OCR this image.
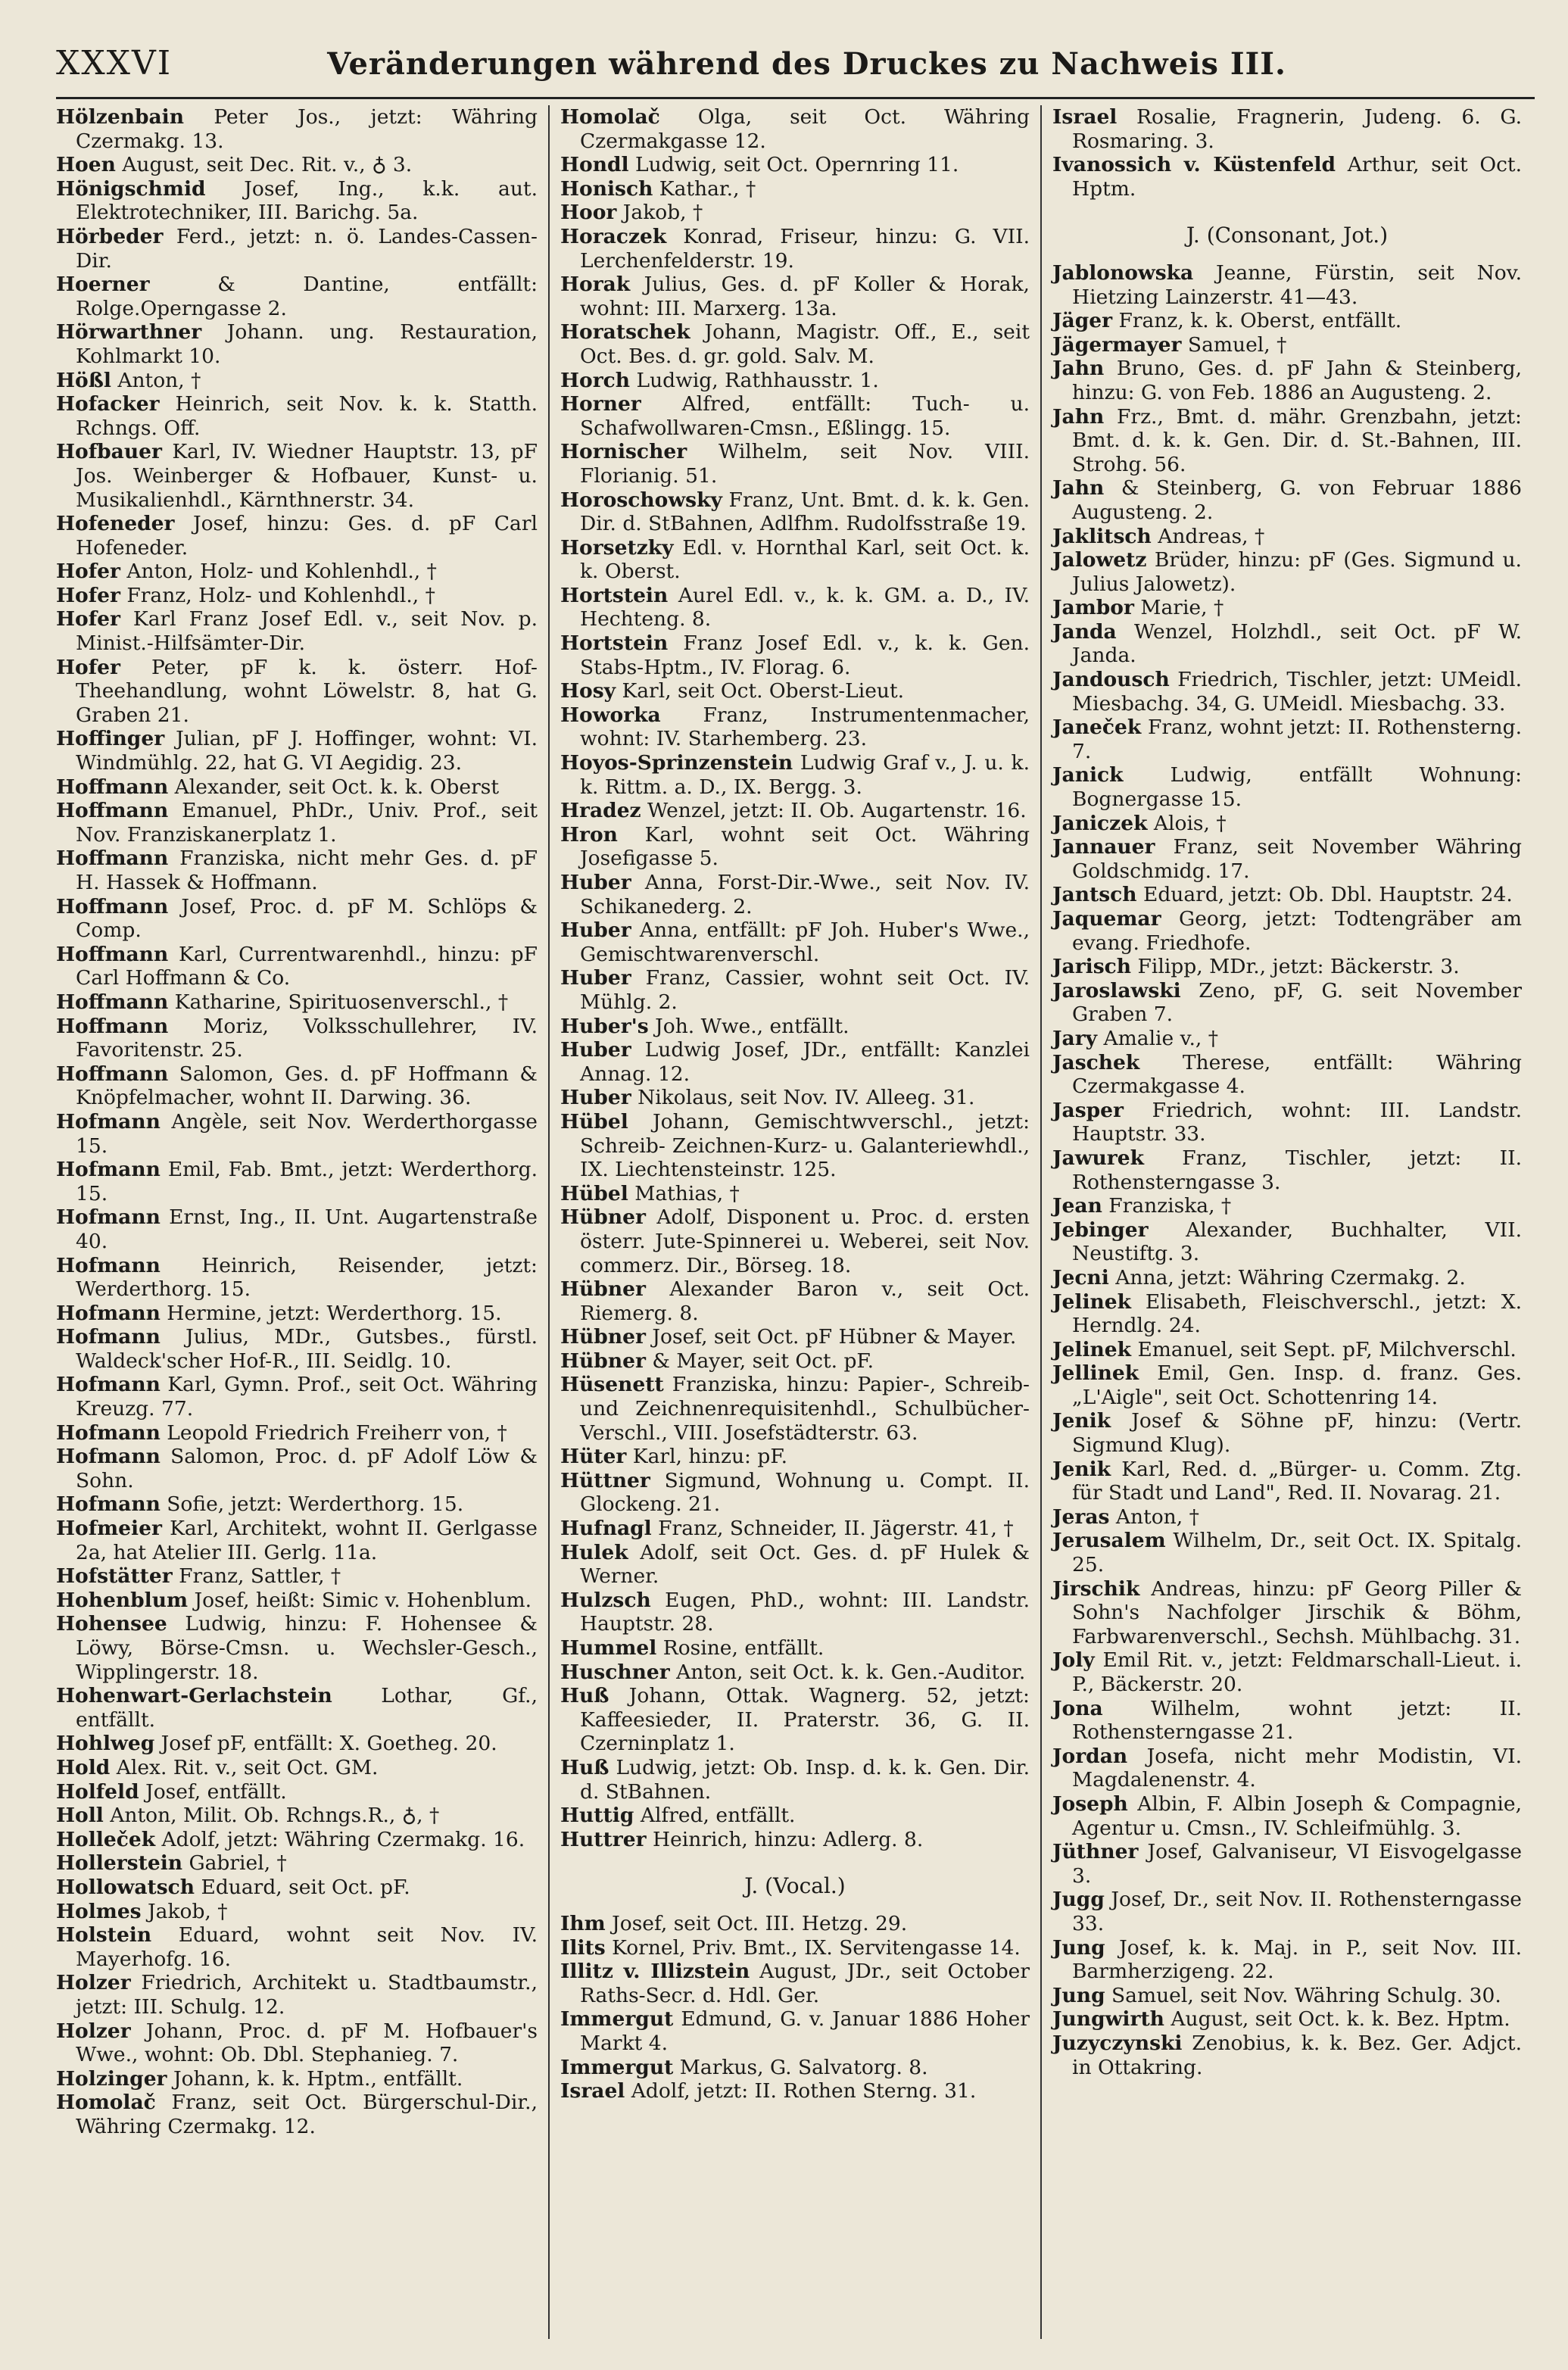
XXXVI	Veränderungen während des Druckes zu Nachweis III.

Hölzenbain Peter Jos., jetzt: Währing Czermakg. 13.

Hoen August, seit Dec. Rit. v., ♁ 3.

Hönigschmid Josef, Ing., k.k. aut. Elektrotechniker, III. Barichg. 5a.

Hörbeder Ferd., jetzt: n. ö. Landes-Cassen-Dir.

Hoerner & Dantine, entfällt: Rolge.Operngasse 2.

Hörwarthner Johann. ung. Restauration, Kohlmarkt 10.

Hößl Anton, †

Hofacker Heinrich, seit Nov. k. k. Statth. Rchngs. Off.

Hofbauer Karl, IV. Wiedner Hauptstr. 13, pF Jos. Weinberger & Hofbauer, Kunst- u. Musikalienhdl., Kärnthnerstr. 34.

Hofeneder Josef, hinzu: Ges. d. pF Carl Hofeneder.

Hofer Anton, Holz- und Kohlenhdl., †

Hofer Franz, Holz- und Kohlenhdl., †

Hofer Karl Franz Josef Edl. v., seit Nov. p. Minist.-Hilfsämter-Dir.

Hofer Peter, pF k. k. österr. Hof-Theehandlung, wohnt Löwelstr. 8, hat G. Graben 21.

Hoffinger Julian, pF J. Hoffinger, wohnt: VI. Windmühlg. 22, hat G. VI Aegidig. 23.

Hoffmann Alexander, seit Oct. k. k. Oberst

Hoffmann Emanuel, PhDr., Univ. Prof., seit Nov. Franziskanerplatz 1.

Hoffmann Franziska, nicht mehr Ges. d. pF H. Hassek & Hoffmann.

Hoffmann Josef, Proc. d. pF M. Schlöps & Comp.

Hoffmann Karl, Currentwarenhdl., hinzu: pF Carl Hoffmann & Co.

Hoffmann Katharine, Spirituosenverschl., †

Hoffmann Moriz, Volksschullehrer, IV. Favoritenstr. 25.

Hoffmann Salomon, Ges. d. pF Hoffmann & Knöpfelmacher, wohnt II. Darwing. 36.

Hofmann Angèle, seit Nov. Werderthorgasse 15.

Hofmann Emil, Fab. Bmt., jetzt: Werderthorg. 15.

Hofmann Ernst, Ing., II. Unt. Augartenstraße 40.

Hofmann Heinrich, Reisender, jetzt: Werderthorg. 15.

Hofmann Hermine, jetzt: Werderthorg. 15.

Hofmann Julius, MDr., Gutsbes., fürstl. Waldeck'scher Hof-R., III. Seidlg. 10.

Hofmann Karl, Gymn. Prof., seit Oct. Währing Kreuzg. 77.

Hofmann Leopold Friedrich Freiherr von, †

Hofmann Salomon, Proc. d. pF Adolf Löw & Sohn.

Hofmann Sofie, jetzt: Werderthorg. 15.

Hofmeier Karl, Architekt, wohnt II. Gerlgasse 2a, hat Atelier III. Gerlg. 11a.

Hofstätter Franz, Sattler, †

Hohenblum Josef, heißt: Simic v. Hohenblum.

Hohensee Ludwig, hinzu: F. Hohensee & Löwy, Börse-Cmsn. u. Wechsler-Gesch., Wipplingerstr. 18.

Hohenwart-Gerlachstein Lothar, Gf., entfällt.

Hohlweg Josef pF, entfällt: X. Goetheg. 20.

Hold Alex. Rit. v., seit Oct. GM.

Holfeld Josef, entfällt.

Holl Anton, Milit. Ob. Rchngs.R., ♁, †

Holleček Adolf, jetzt: Währing Czermakg. 16.

Hollerstein Gabriel, †

Hollowatsch Eduard, seit Oct. pF.

Holmes Jakob, †

Holstein Eduard, wohnt seit Nov. IV. Mayerhofg. 16.

Holzer Friedrich, Architekt u. Stadtbaumstr., jetzt: III. Schulg. 12.

Holzer Johann, Proc. d. pF M. Hofbauer's Wwe., wohnt: Ob. Dbl. Stephanieg. 7.

Holzinger Johann, k. k. Hptm., entfällt.

Homolač Franz, seit Oct. Bürgerschul-Dir., Währing Czermakg. 12.

Homolač Olga, seit Oct. Währing Czermakgasse 12.

Hondl Ludwig, seit Oct. Opernring 11.

Honisch Kathar., †

Hoor Jakob, †

Horaczek Konrad, Friseur, hinzu: G. VII. Lerchenfelderstr. 19.

Horak Julius, Ges. d. pF Koller & Horak, wohnt: III. Marxerg. 13a.

Horatschek Johann, Magistr. Off., E., seit Oct. Bes. d. gr. gold. Salv. M.

Horch Ludwig, Rathhausstr. 1.

Horner Alfred, entfällt: Tuch- u. Schafwollwaren-Cmsn., Eßlingg. 15.

Hornischer Wilhelm, seit Nov. VIII. Florianig. 51.

Horoschowsky Franz, Unt. Bmt. d. k. k. Gen. Dir. d. StBahnen, Adlfhm. Rudolfsstraße 19.

Horsetzky Edl. v. Hornthal Karl, seit Oct. k. k. Oberst.

Hortstein Aurel Edl. v., k. k. GM. a. D., IV. Hechteng. 8.

Hortstein Franz Josef Edl. v., k. k. Gen. Stabs-Hptm., IV. Florag. 6.

Hosy Karl, seit Oct. Oberst-Lieut.

Howorka Franz, Instrumentenmacher, wohnt: IV. Starhemberg. 23.

Hoyos-Sprinzenstein Ludwig Graf v., J. u. k. k. Rittm. a. D., IX. Bergg. 3.

Hradez Wenzel, jetzt: II. Ob. Augartenstr. 16.

Hron Karl, wohnt seit Oct. Währing Josefigasse 5.

Huber Anna, Forst-Dir.-Wwe., seit Nov. IV. Schikanederg. 2.

Huber Anna, entfällt: pF Joh. Huber's Wwe., Gemischtwarenverschl.

Huber Franz, Cassier, wohnt seit Oct. IV. Mühlg. 2.

Huber's Joh. Wwe., entfällt.

Huber Ludwig Josef, JDr., entfällt: Kanzlei Annag. 12.

Huber Nikolaus, seit Nov. IV. Alleeg. 31.

Hübel Johann, Gemischtwverschl., jetzt: Schreib- Zeichnen-Kurz- u. Galanteriewhdl., IX. Liechtensteinstr. 125.

Hübel Mathias, †

Hübner Adolf, Disponent u. Proc. d. ersten österr. Jute-Spinnerei u. Weberei, seit Nov. commerz. Dir., Börseg. 18.

Hübner Alexander Baron v., seit Oct. Riemerg. 8.

Hübner Josef, seit Oct. pF Hübner & Mayer.

Hübner & Mayer, seit Oct. pF.

Hüsenett Franziska, hinzu: Papier-, Schreib- und Zeichnenrequisitenhdl., Schulbücher-Verschl., VIII. Josefstädterstr. 63.

Hüter Karl, hinzu: pF.

Hüttner Sigmund, Wohnung u. Compt. II. Glockeng. 21.

Hufnagl Franz, Schneider, II. Jägerstr. 41, †

Hulek Adolf, seit Oct. Ges. d. pF Hulek & Werner.

Hulzsch Eugen, PhD., wohnt: III. Landstr. Hauptstr. 28.

Hummel Rosine, entfällt.

Huschner Anton, seit Oct. k. k. Gen.-Auditor.

Huß Johann, Ottak. Wagnerg. 52, jetzt: Kaffeesieder, II. Praterstr. 36, G. II. Czerninplatz 1.

Huß Ludwig, jetzt: Ob. Insp. d. k. k. Gen. Dir. d. StBahnen.

Huttig Alfred, entfällt.

Huttrer Heinrich, hinzu: Adlerg. 8.

J. (Vocal.)

Ihm Josef, seit Oct. III. Hetzg. 29.

Ilits Kornel, Priv. Bmt., IX. Servitengasse 14.

Illitz v. Illizstein August, JDr., seit October Raths-Secr. d. Hdl. Ger.

Immergut Edmund, G. v. Januar 1886 Hoher Markt 4.

Immergut Markus, G. Salvatorg. 8.

Israel Adolf, jetzt: II. Rothen Sterng. 31.

Israel Rosalie, Fragnerin, Judeng. 6. G. Rosmaring. 3.

Ivanossich v. Küstenfeld Arthur, seit Oct. Hptm.

J. (Consonant, Jot.)

Jablonowska Jeanne, Fürstin, seit Nov. Hietzing Lainzerstr. 41—43.

Jäger Franz, k. k. Oberst, entfällt.

Jägermayer Samuel, †

Jahn Bruno, Ges. d. pF Jahn & Steinberg, hinzu: G. von Feb. 1886 an Augusteng. 2.

Jahn Frz., Bmt. d. mähr. Grenzbahn, jetzt: Bmt. d. k. k. Gen. Dir. d. St.-Bahnen, III. Strohg. 56.

Jahn & Steinberg, G. von Februar 1886 Augusteng. 2.

Jaklitsch Andreas, †

Jalowetz Brüder, hinzu: pF (Ges. Sigmund u. Julius Jalowetz).

Jambor Marie, †

Janda Wenzel, Holzhdl., seit Oct. pF W. Janda.

Jandousch Friedrich, Tischler, jetzt: UMeidl. Miesbachg. 34, G. UMeidl. Miesbachg. 33.

Janeček Franz, wohnt jetzt: II. Rothensterng. 7.

Janick Ludwig, entfällt Wohnung: Bognergasse 15.

Janiczek Alois, †

Jannauer Franz, seit November Währing Goldschmidg. 17.

Jantsch Eduard, jetzt: Ob. Dbl. Hauptstr. 24.

Jaquemar Georg, jetzt: Todtengräber am evang. Friedhofe.

Jarisch Filipp, MDr., jetzt: Bäckerstr. 3.

Jaroslawski Zeno, pF, G. seit November Graben 7.

Jary Amalie v., †

Jaschek Therese, entfällt: Währing Czermakgasse 4.

Jasper Friedrich, wohnt: III. Landstr. Hauptstr. 33.

Jawurek Franz, Tischler, jetzt: II. Rothensterngasse 3.

Jean Franziska, †

Jebinger Alexander, Buchhalter, VII. Neustiftg. 3.

Jecni Anna, jetzt: Währing Czermakg. 2.

Jelinek Elisabeth, Fleischverschl., jetzt: X. Herndlg. 24.

Jelinek Emanuel, seit Sept. pF, Milchverschl.

Jellinek Emil, Gen. Insp. d. franz. Ges. „L'Aigle", seit Oct. Schottenring 14.

Jenik Josef & Söhne pF, hinzu: (Vertr. Sigmund Klug).

Jenik Karl, Red. d. „Bürger- u. Comm. Ztg. für Stadt und Land", Red. II. Novarag. 21.

Jeras Anton, †

Jerusalem Wilhelm, Dr., seit Oct. IX. Spitalg. 25.

Jirschik Andreas, hinzu: pF Georg Piller & Sohn's Nachfolger Jirschik & Böhm, Farbwarenverschl., Sechsh. Mühlbachg. 31.

Joly Emil Rit. v., jetzt: Feldmarschall-Lieut. i. P., Bäckerstr. 20.

Jona Wilhelm, wohnt jetzt: II. Rothensterngasse 21.

Jordan Josefa, nicht mehr Modistin, VI. Magdalenenstr. 4.

Joseph Albin, F. Albin Joseph & Compagnie, Agentur u. Cmsn., IV. Schleifmühlg. 3.

Jüthner Josef, Galvaniseur, VI Eisvogelgasse 3.

Jugg Josef, Dr., seit Nov. II. Rothensterngasse 33.

Jung Josef, k. k. Maj. in P., seit Nov. III. Barmherzigeng. 22.

Jung Samuel, seit Nov. Währing Schulg. 30.

Jungwirth August, seit Oct. k. k. Bez. Hptm.

Juzyczynski Zenobius, k. k. Bez. Ger. Adjct. in Ottakring.
